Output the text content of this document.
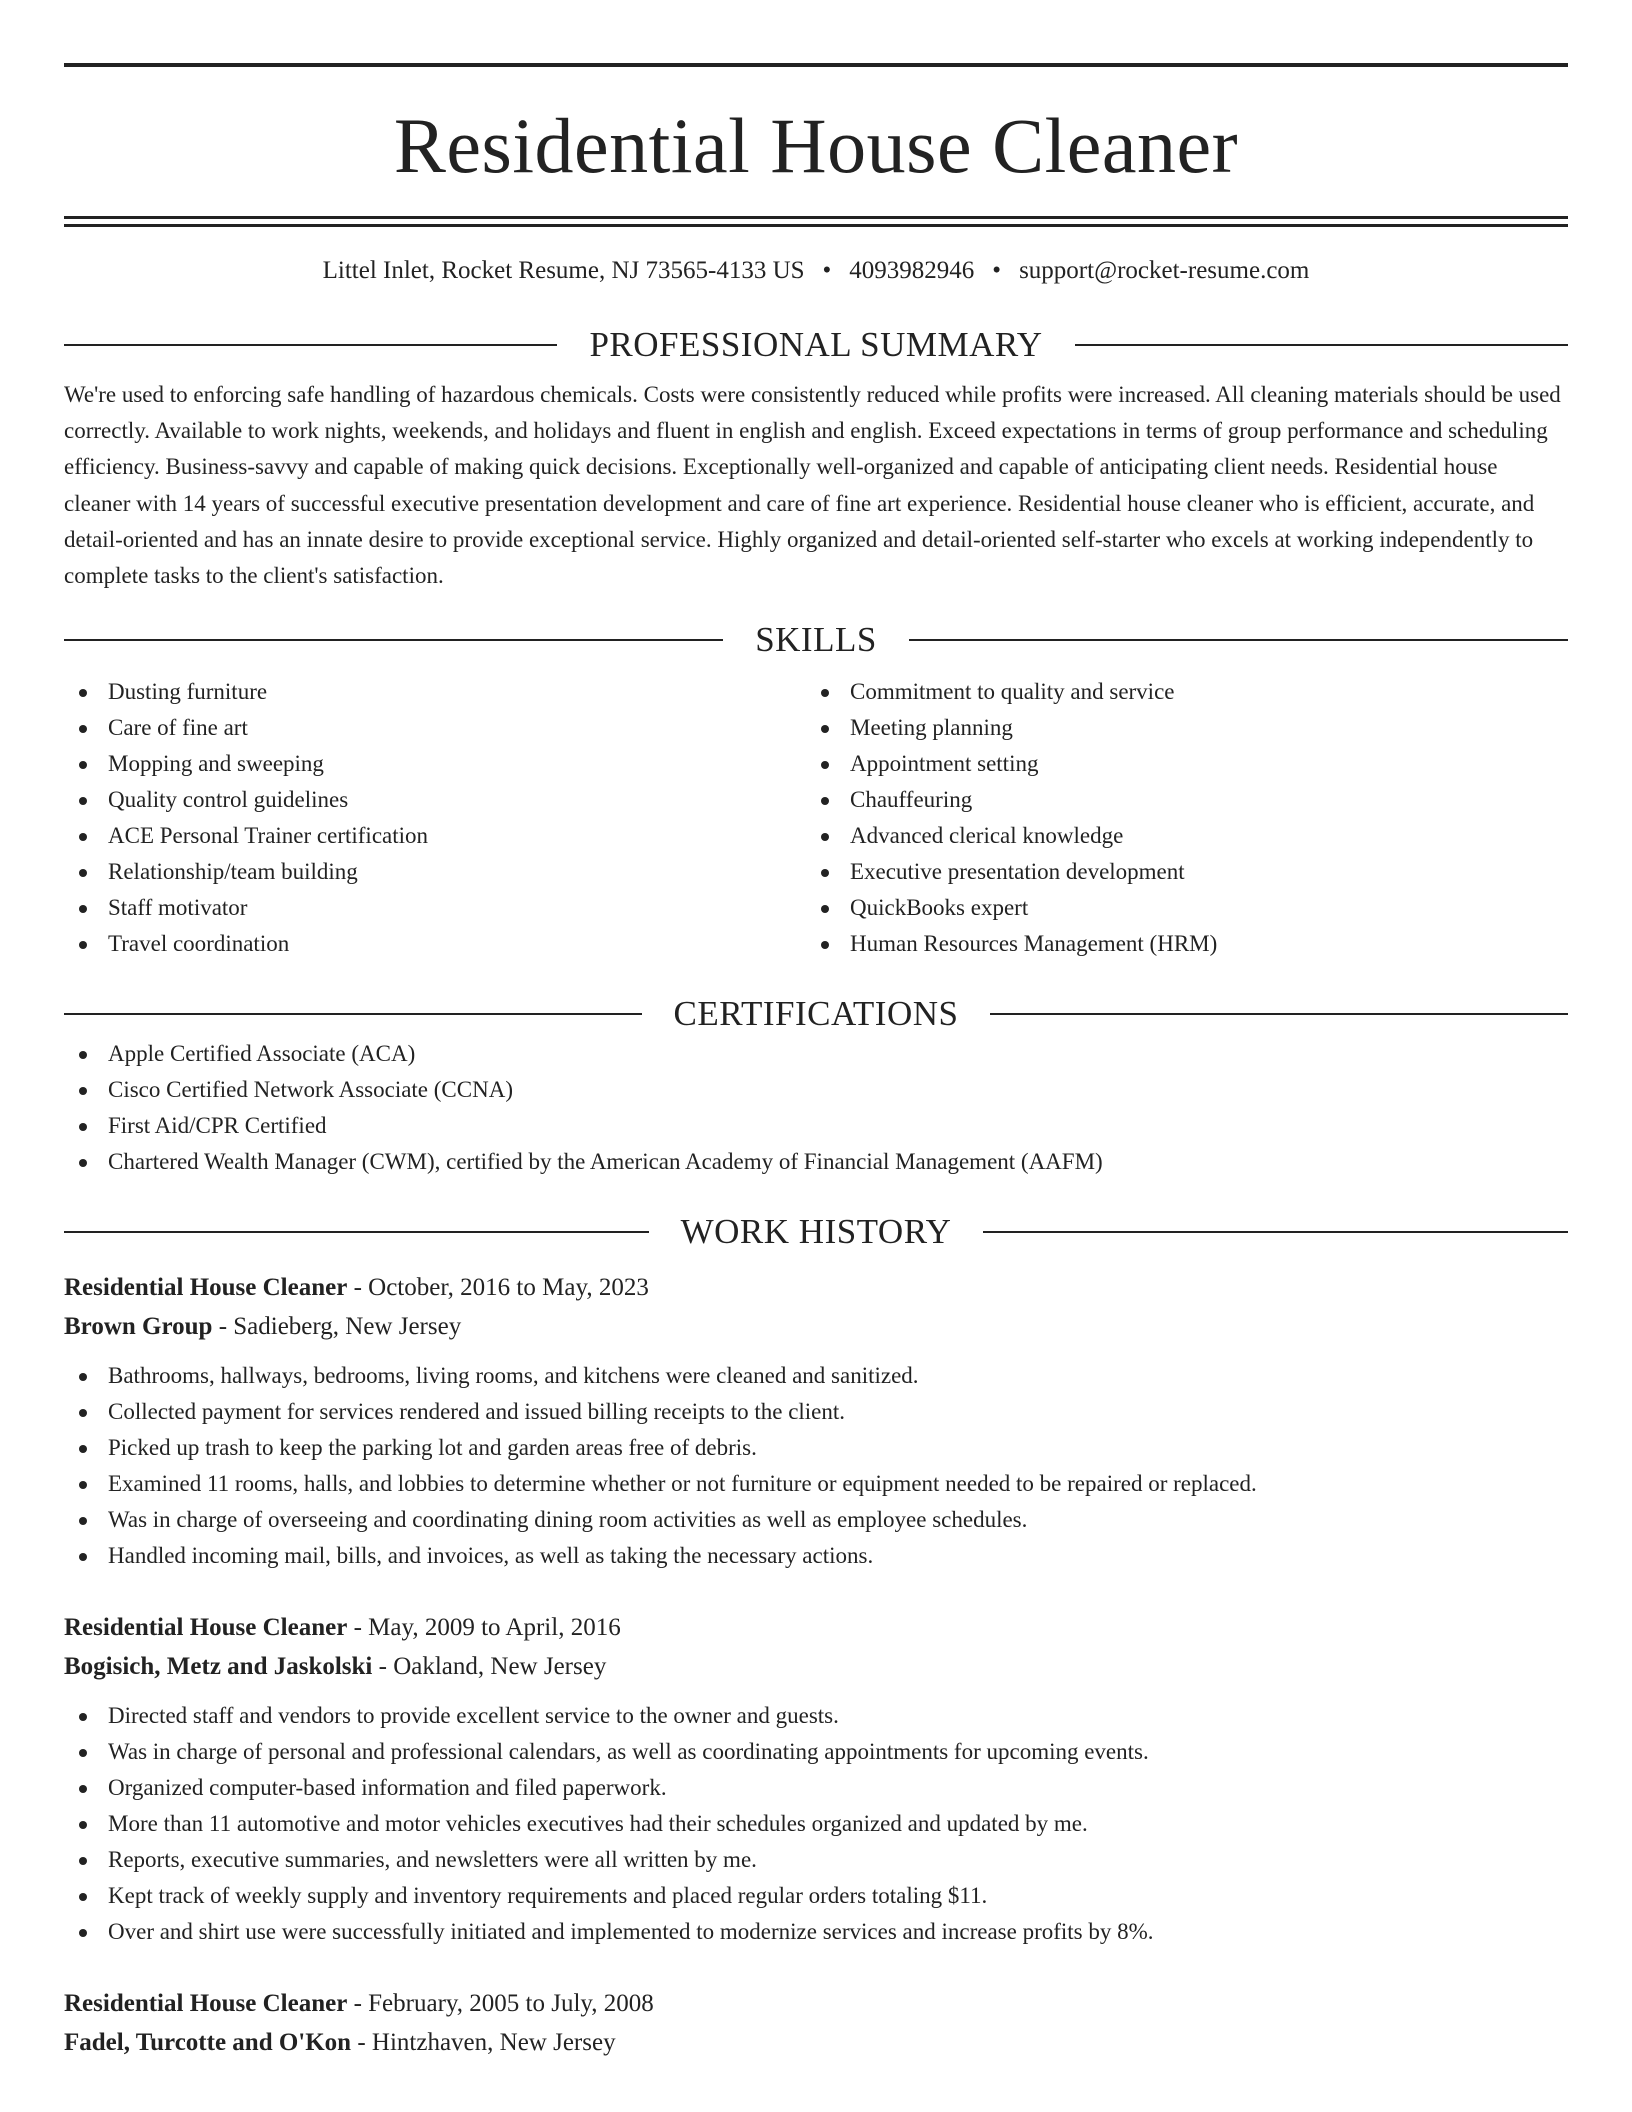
Residential House Cleaner
Littel Inlet, Rocket Resume, NJ 73565-4133 US • 4093982946 • support@rocket-resume.com
PROFESSIONAL SUMMARY
We're used to enforcing safe handling of hazardous chemicals. Costs were consistently reduced while profits were increased. All cleaning materials should be used correctly. Available to work nights, weekends, and holidays and fluent in english and english. Exceed expectations in terms of group performance and scheduling efficiency. Business-savvy and capable of making quick decisions. Exceptionally well-organized and capable of anticipating client needs. Residential house cleaner with 14 years of successful executive presentation development and care of fine art experience. Residential house cleaner who is efficient, accurate, and detail-oriented and has an innate desire to provide exceptional service. Highly organized and detail-oriented self-starter who excels at working independently to complete tasks to the client's satisfaction.
SKILLS
Dusting furniture
Care of fine art
Mopping and sweeping
Quality control guidelines
ACE Personal Trainer certification
Relationship/team building
Staff motivator
Travel coordination
Commitment to quality and service
Meeting planning
Appointment setting
Chauffeuring
Advanced clerical knowledge
Executive presentation development
QuickBooks expert
Human Resources Management (HRM)
CERTIFICATIONS
Apple Certified Associate (ACA)
Cisco Certified Network Associate (CCNA)
First Aid/CPR Certified
Chartered Wealth Manager (CWM), certified by the American Academy of Financial Management (AAFM)
WORK HISTORY
Residential House Cleaner - October, 2016 to May, 2023
Brown Group - Sadieberg, New Jersey
Bathrooms, hallways, bedrooms, living rooms, and kitchens were cleaned and sanitized.
Collected payment for services rendered and issued billing receipts to the client.
Picked up trash to keep the parking lot and garden areas free of debris.
Examined 11 rooms, halls, and lobbies to determine whether or not furniture or equipment needed to be repaired or replaced.
Was in charge of overseeing and coordinating dining room activities as well as employee schedules.
Handled incoming mail, bills, and invoices, as well as taking the necessary actions.
Residential House Cleaner - May, 2009 to April, 2016
Bogisich, Metz and Jaskolski - Oakland, New Jersey
Directed staff and vendors to provide excellent service to the owner and guests.
Was in charge of personal and professional calendars, as well as coordinating appointments for upcoming events.
Organized computer-based information and filed paperwork.
More than 11 automotive and motor vehicles executives had their schedules organized and updated by me.
Reports, executive summaries, and newsletters were all written by me.
Kept track of weekly supply and inventory requirements and placed regular orders totaling $11.
Over and shirt use were successfully initiated and implemented to modernize services and increase profits by 8%.
Residential House Cleaner - February, 2005 to July, 2008
Fadel, Turcotte and O'Kon - Hintzhaven, New Jersey
